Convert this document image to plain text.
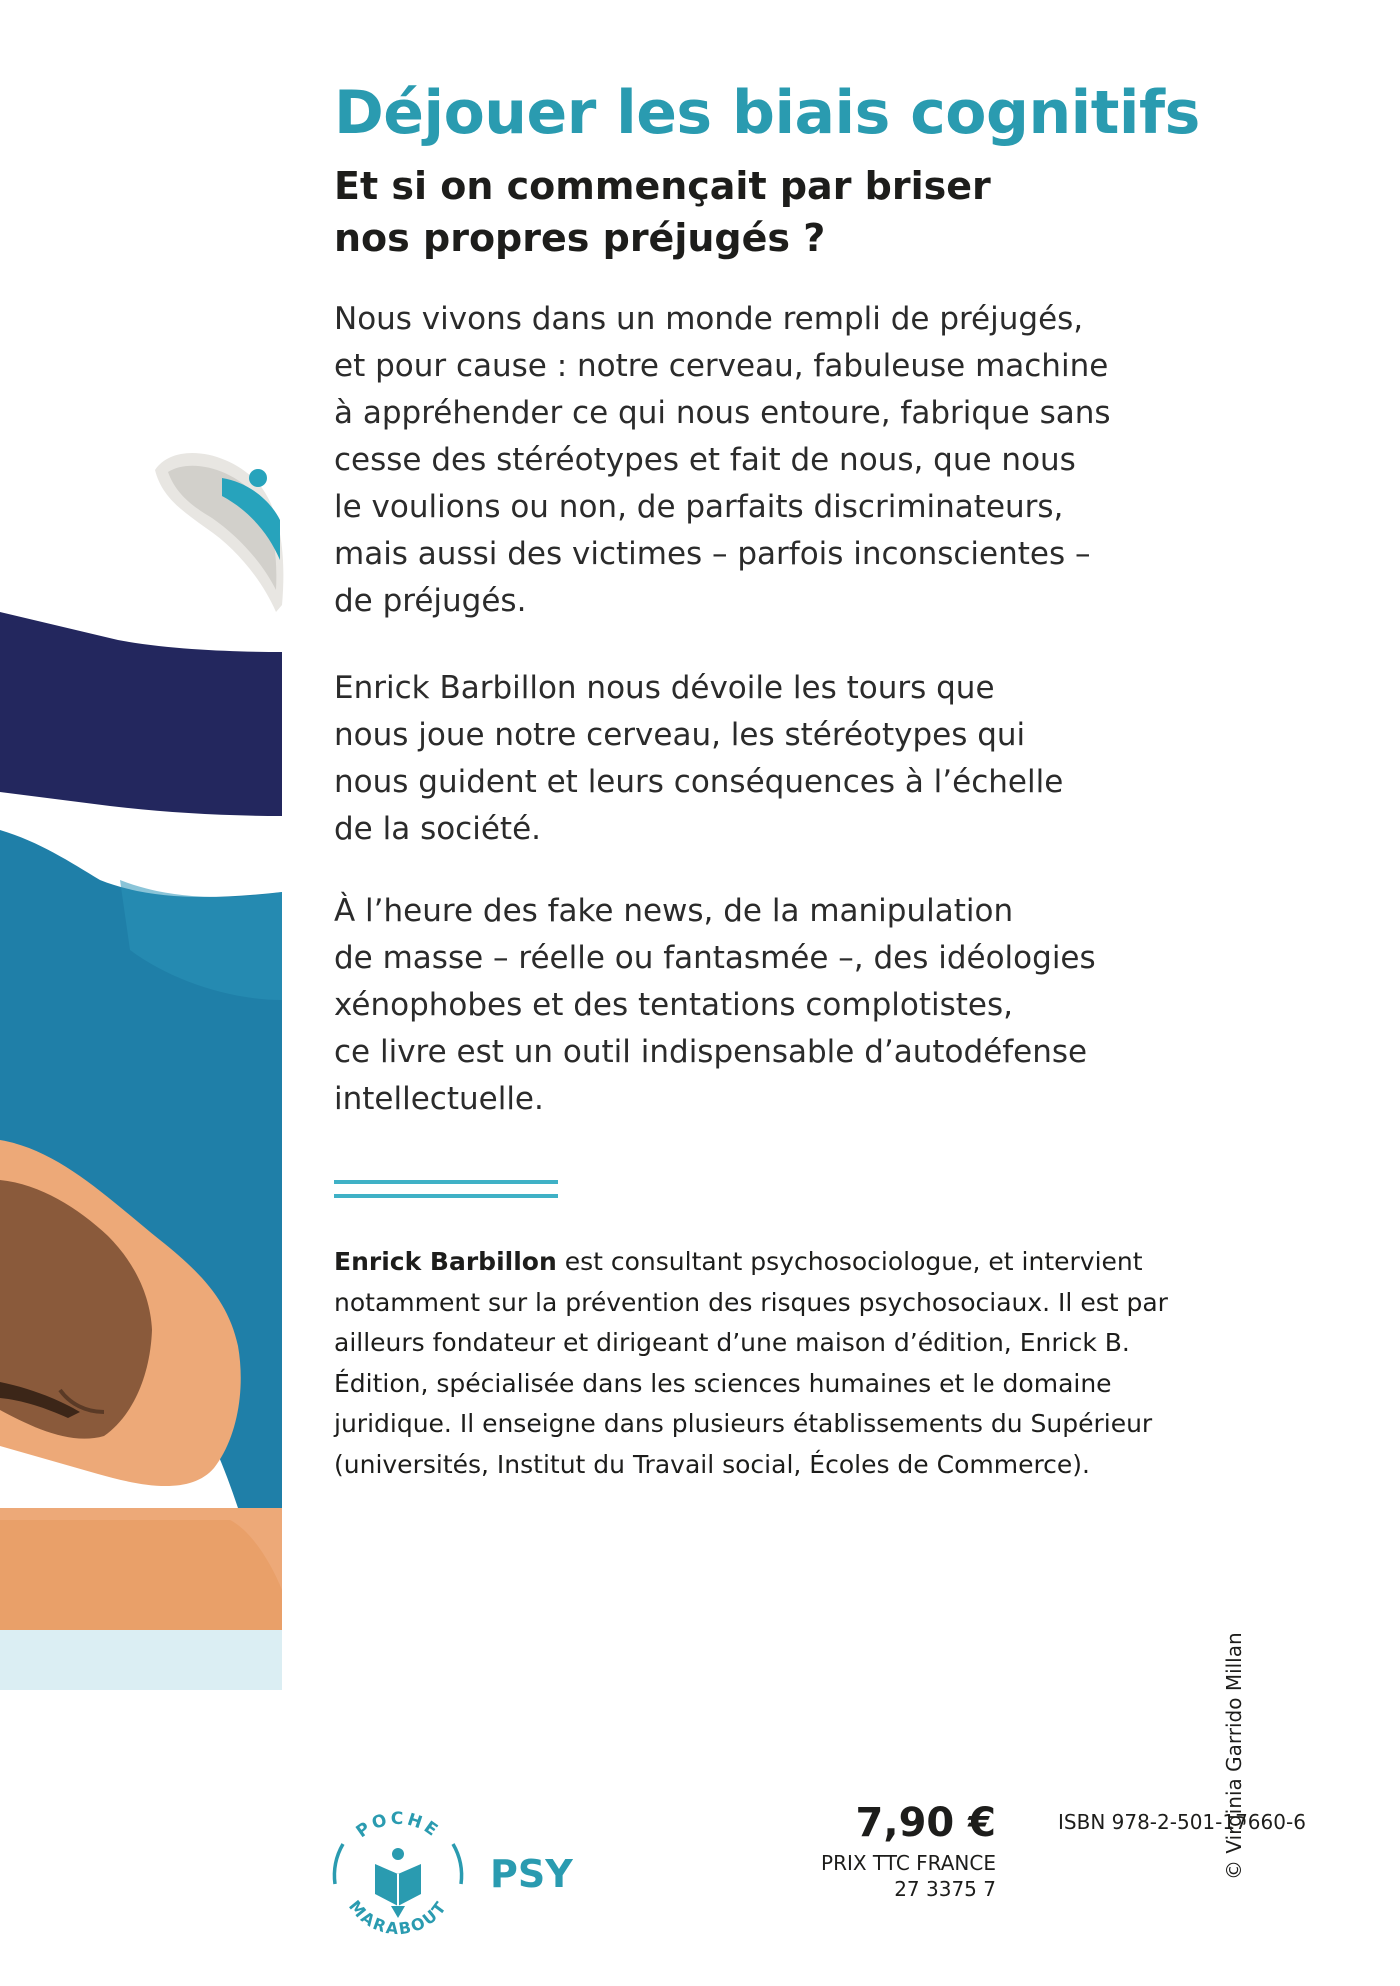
Déjouer les biais cognitifs
Et si on commençait par briser
nos propres préjugés ?
Nous vivons dans un monde rempli de préjugés,
et pour cause : notre cerveau, fabuleuse machine
à appréhender ce qui nous entoure, fabrique sans
cesse des stéréotypes et fait de nous, que nous
le voulions ou non, de parfaits discriminateurs,
mais aussi des victimes – parfois inconscientes –
de préjugés.
Enrick Barbillon nous dévoile les tours que
nous joue notre cerveau, les stéréotypes qui
nous guident et leurs conséquences à l’échelle
de la société.
À l’heure des fake news, de la manipulation
de masse – réelle ou fantasmée –, des idéologies
xénophobes et des tentations complotistes,
ce livre est un outil indispensable d’autodéfense
intellectuelle.
Enrick Barbillon est consultant psychosociologue, et intervient
notamment sur la prévention des risques psychosociaux. Il est par
ailleurs fondateur et dirigeant d’une maison d’édition, Enrick B.
Édition, spécialisée dans les sciences humaines et le domaine
juridique. Il enseigne dans plusieurs établissements du Supérieur
(universités, Institut du Travail social, Écoles de Commerce).
POCHE
MARABOUT
PSY
7,90 €
PRIX TTC FRANCE
27 3375 7
ISBN 978-2-501-17660-6
© Virginia Garrido Millan
